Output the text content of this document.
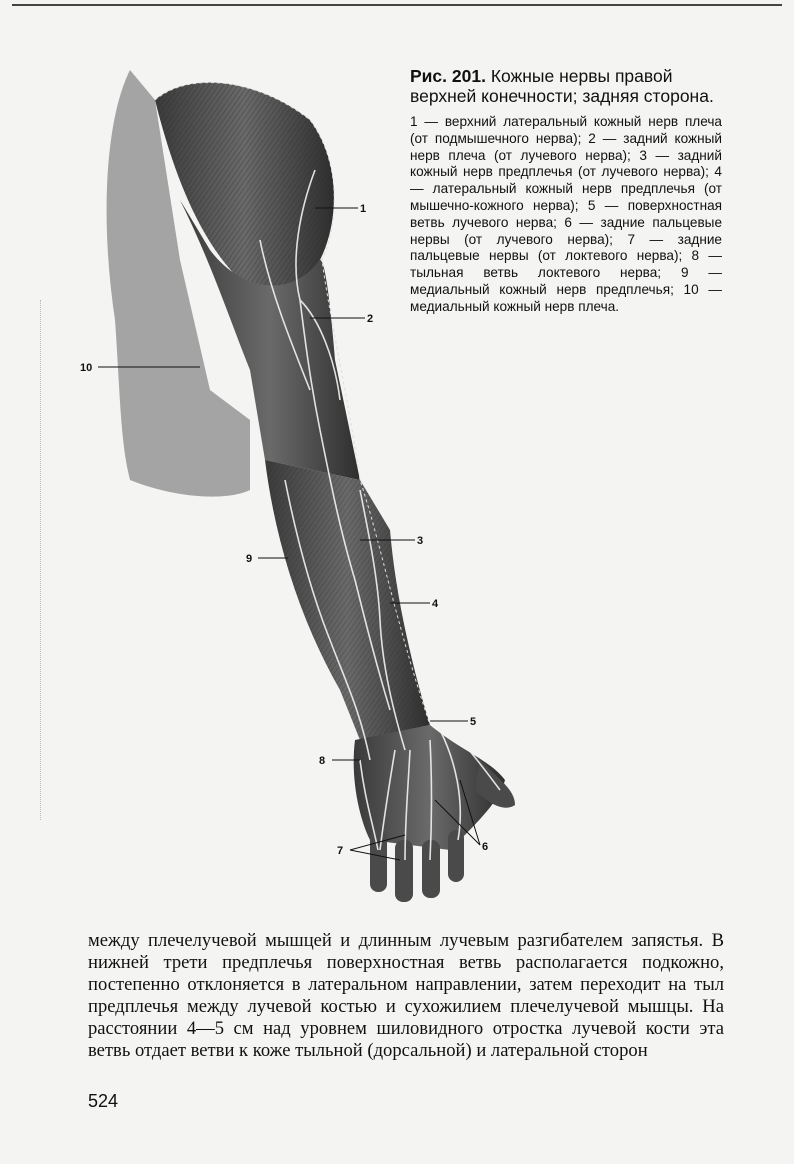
1
2
3
4
5
6
7
8
9
10

Рис. 201. Кожные нервы правой верхней конечности; задняя сторона.

1 — верхний латеральный кожный нерв плеча (от подмышечного нерва); 2 — задний кожный нерв плеча (от лучевого нерва); 3 — задний кожный нерв предплечья (от лучевого нерва); 4 — латеральный кожный нерв предплечья (от мышечно-кожного нерва); 5 — поверхностная ветвь лучевого нерва; 6 — задние пальцевые нервы (от лучевого нерва); 7 — задние пальцевые нервы (от локтевого нерва); 8 — тыльная ветвь локтевого нерва; 9 — медиальный кожный нерв предплечья; 10 — медиальный кожный нерв плеча.

между плечелучевой мышцей и длинным лучевым разгибателем запястья. В нижней трети предплечья поверхностная ветвь располагается подкожно, постепенно отклоняется в латеральном направлении, затем переходит на тыл предплечья между лучевой костью и сухожилием плечелучевой мышцы. На расстоянии 4—5 см над уровнем шиловидного отростка лучевой кости эта ветвь отдает ветви к коже тыльной (дорсальной) и латеральной сторон

524
